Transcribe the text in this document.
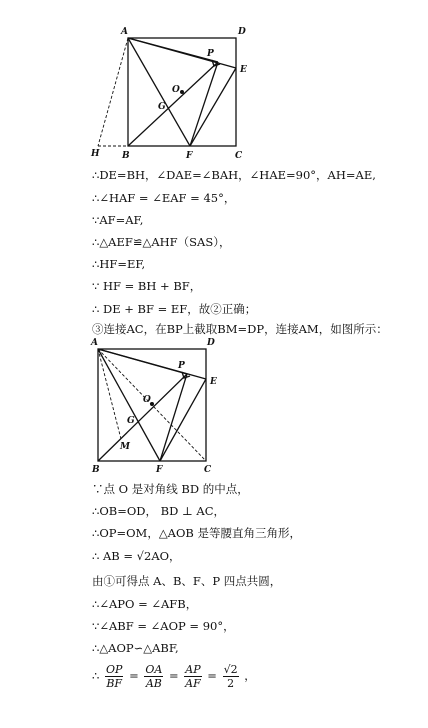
A	D
P
E
O
G
H B	F	C
A	D
P
E
O
G
M
B	F	C
∴DE=BH，∠DAE=∠BAH，∠HAE=90°，AH=AE,
∴∠HAF = ∠EAF = 45°，
∵AF=AF,
∴△AEF≌△AHF（SAS），
∴HF=EF,
∵ HF = BH + BF，
∴ DE + BF = EF，故②正确；
③连接AC，在BP上截取BM=DP，连接AM，如图所示：
∵点 O 是对角线 BD 的中点，
∴OB=OD， BD ⊥ AC，
∴OP=OM，△AOB 是等腰直角三角形，
∴ AB = √2AO，
由①可得点 A、B、F、P 四点共圆，
∴∠APO = ∠AFB，
∵∠ABF = ∠AOP = 90°，
∴△AOP∽△ABF,
∴ $\frac{OP}{BF} = \frac{OA}{AB} = \frac{AP}{AF} = \frac{√2}{2}$ ，
